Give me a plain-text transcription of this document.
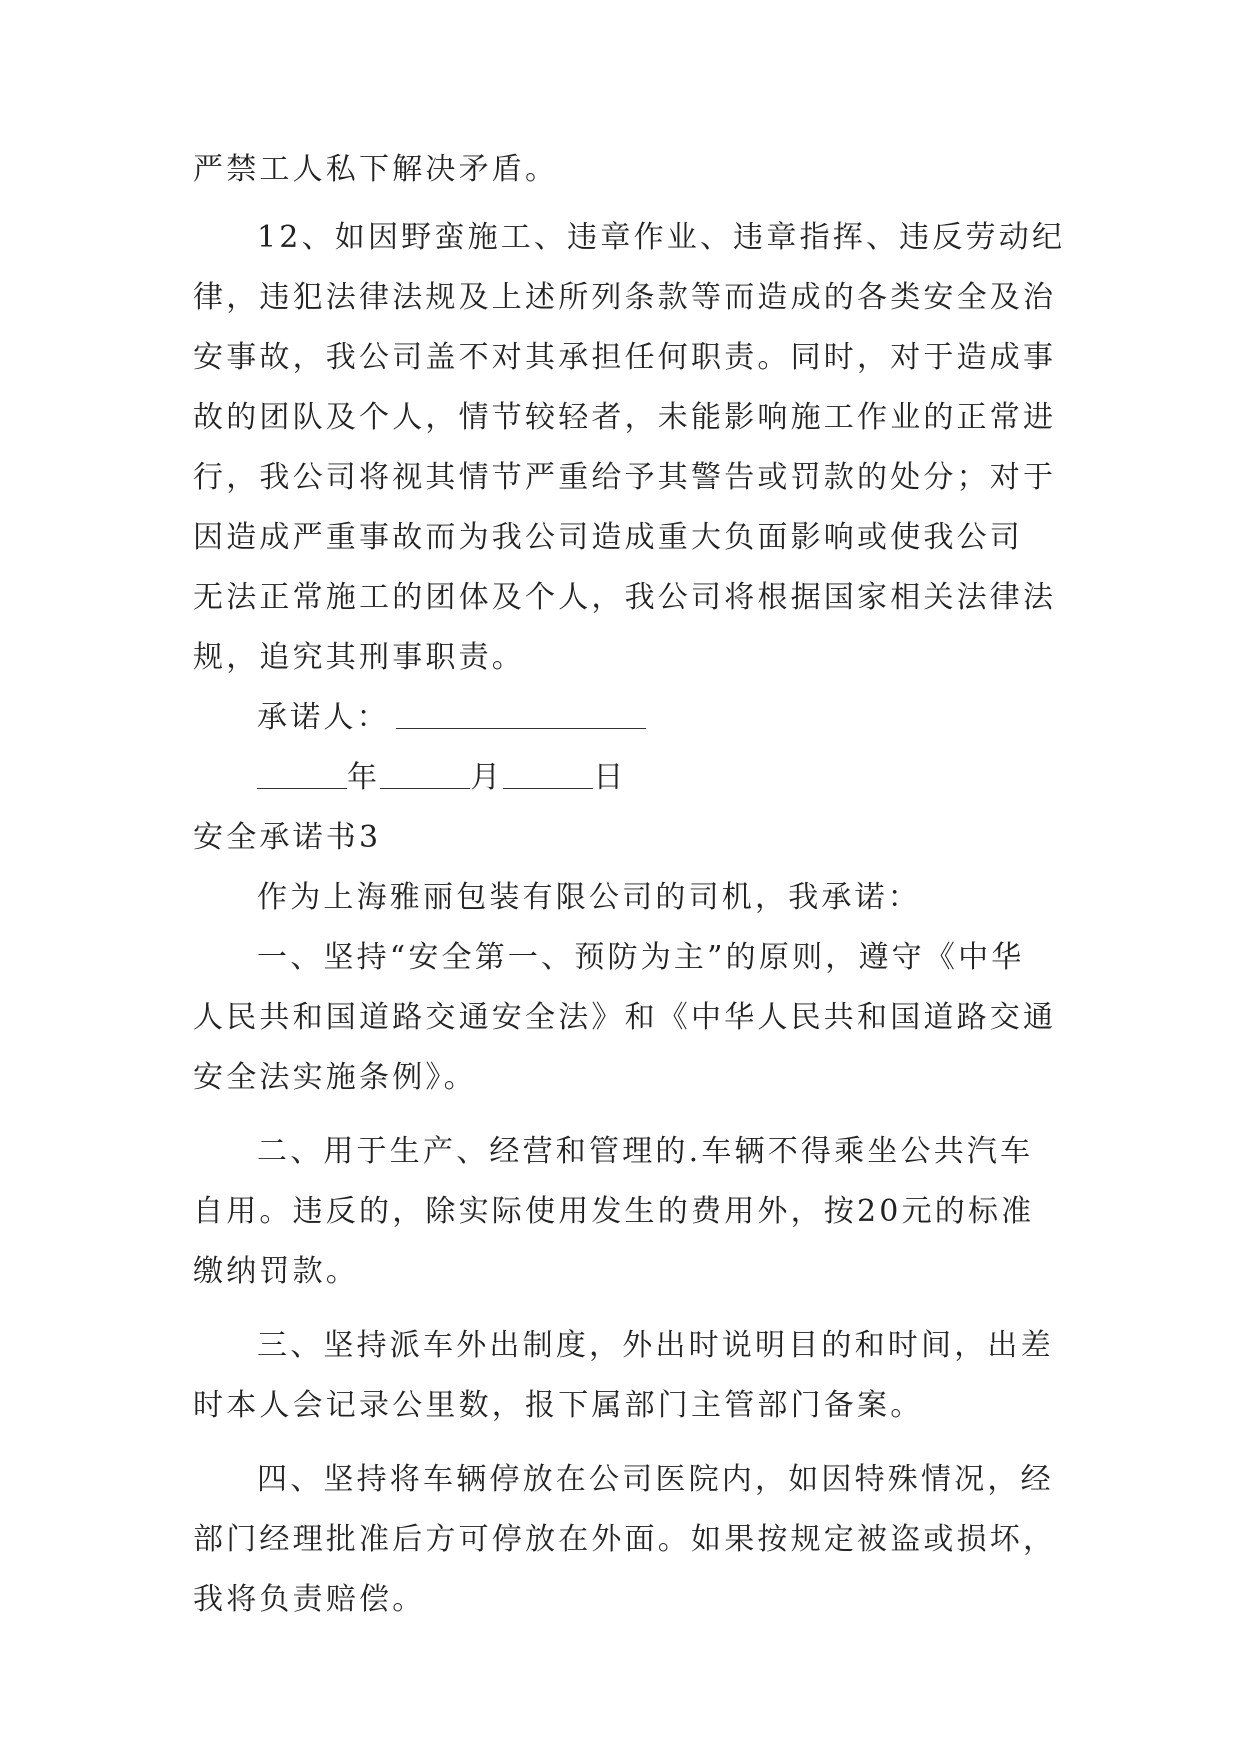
严禁工人私下解决矛盾。
12、如因野蛮施工、违章作业、违章指挥、违反劳动纪
律，违犯法律法规及上述所列条款等而造成的各类安全及治
安事故，我公司盖不对其承担任何职责。同时，对于造成事
故的团队及个人，情节较轻者，未能影响施工作业的正常进
行，我公司将视其情节严重给予其警告或罚款的处分；对于
因造成严重事故而为我公司造成重大负面影响或使我公司
无法正常施工的团体及个人，我公司将根据国家相关法律法
规，追究其刑事职责。
承诺人：
年	月	日
安全承诺书3
作为上海雅丽包装有限公司的司机，我承诺：
一、坚持“安全第一、预防为主”的原则，遵守《中华
人民共和国道路交通安全法》和《中华人民共和国道路交通
安全法实施条例》。
二、用于生产、经营和管理的.车辆不得乘坐公共汽车
自用。违反的，除实际使用发生的费用外，按20元的标准
缴纳罚款。
三、坚持派车外出制度，外出时说明目的和时间，出差
时本人会记录公里数，报下属部门主管部门备案。
四、坚持将车辆停放在公司医院内，如因特殊情况，经
部门经理批准后方可停放在外面。如果按规定被盗或损坏，
我将负责赔偿。
